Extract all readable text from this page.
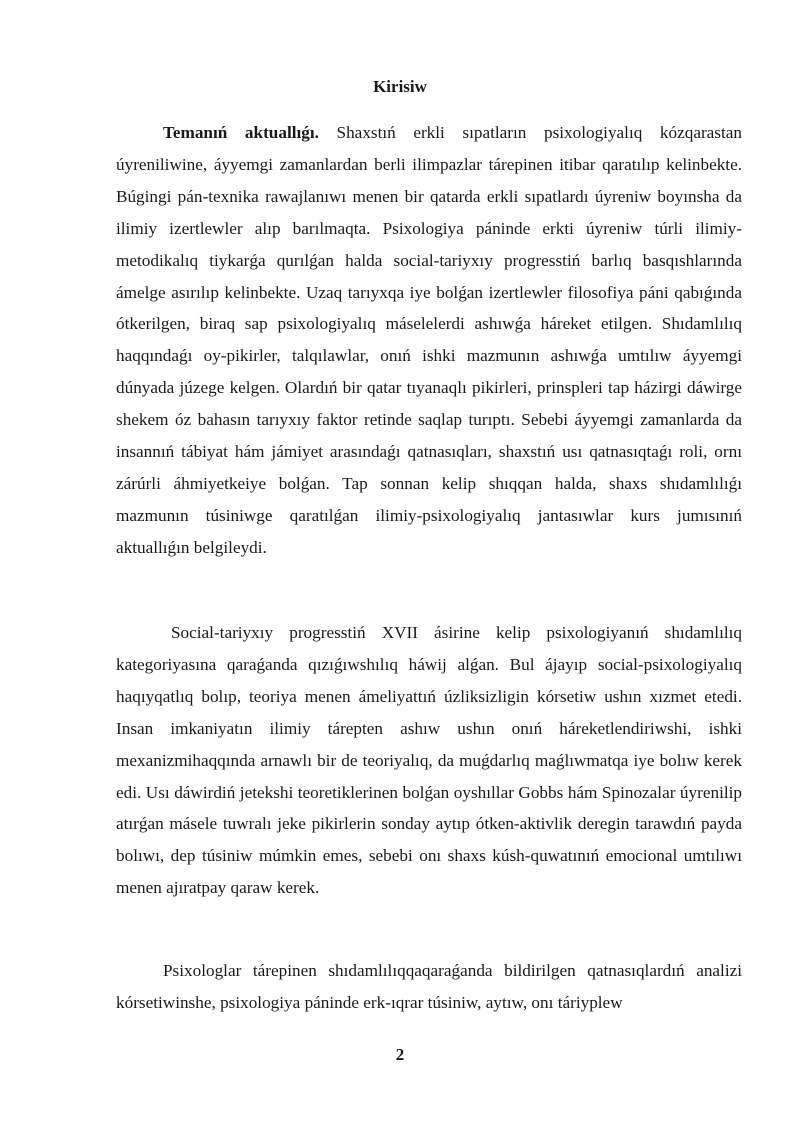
Kirisiw

Temanıń aktuallıǵı. Shaxstıń erkli sıpatların psixologiyalıq kózqarastan úyreniliwine, áyyemgi zamanlardan berli ilimpazlar tárepinen itibar qaratılıp kelinbekte. Búgingi pán-texnika rawajlanıwı menen bir qatarda erkli sıpatlardı úyreniw boyınsha da ilimiy izertlewler alıp barılmaqta. Psixologiya páninde erkti úyreniw túrli ilimiy-metodikalıq tiykarǵa qurılǵan halda social-tariyxıy progresstiń barlıq basqıshlarında ámelge asırılıp kelinbekte. Uzaq tarıyxqa iye bolǵan izertlewler filosofiya páni qabıǵında ótkerilgen, biraq sap psixologiyalıq máselelerdi ashıwǵa háreket etilgen. Shıdamlılıq haqqındaǵı oy-pikirler, talqılawlar, onıń ishki mazmunın ashıwǵa umtılıw áyyemgi dúnyada júzege kelgen. Olardıń bir qatar tıyanaqlı pikirleri, prinspleri tap házirgi dáwirge shekem óz bahasın tarıyxıy faktor retinde saqlap turıptı. Sebebi áyyemgi zamanlarda da insannıń tábiyat hám jámiyet arasındaǵı qatnasıqları, shaxstıń usı qatnasıqtaǵı roli, ornı zárúrli áhmiyetkeiye bolǵan. Tap sonnan kelip shıqqan halda, shaxs shıdamlılıǵı mazmunın túsiniwge qaratılǵan ilimiy-psixologiyalıq jantasıwlar kurs jumısınıń aktuallıǵın belgileydi.

Social-tariyxıy progresstiń XVII ásirine kelip psixologiyanıń shıdamlılıq kategoriyasına qaraǵanda qızıǵıwshılıq háwij alǵan. Bul ájayıp social-psixologiyalıq haqıyqatlıq bolıp, teoriya menen ámeliyattıń úzliksizligin kórsetiw ushın xızmet etedi. Insan imkaniyatın ilimiy tárepten ashıw ushın onıń háreketlendiriwshi, ishki mexanizmihaqqında arnawlı bir de teoriyalıq, da muǵdarlıq maǵlıwmatqa iye bolıw kerek edi. Usı dáwirdiń jetekshi teoretiklerinen bolǵan oyshıllar Gobbs hám Spinozalar úyrenilip atırǵan másele tuwralı jeke pikirlerin sonday aytıp ótken-aktivlik deregin tarawdıń payda bolıwı, dep túsiniw múmkin emes, sebebi onı shaxs kúsh-quwatınıń emocional umtılıwı menen ajıratpay qaraw kerek.

Psixologlar tárepinen shıdamlılıqqaqaraǵanda bildirilgen qatnasıqlardıń analizi kórsetiwinshe, psixologiya páninde erk-ıqrar túsiniw, aytıw, onı táriyplew

2
